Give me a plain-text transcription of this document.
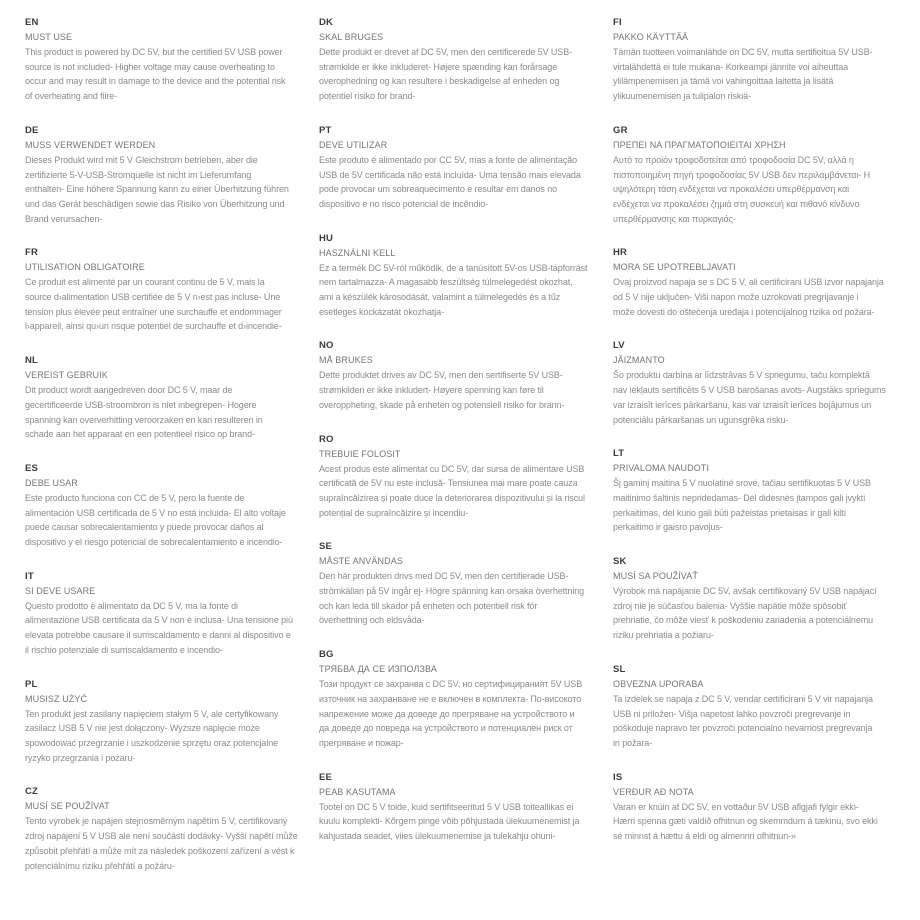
EN
MUST USE
This product is powered by DC 5V, but the certified 5V USB power
source is not included- Higher voltage may cause overheating to
occur and may result in damage to the device and the potential risk
of overheating and fiire-
DE
MUSS VERWENDET WERDEN
Dieses Produkt wird mit 5 V Gleichstrom betrieben, aber die
zertifizierte 5-V-USB-Stromquelle ist nicht im Lieferumfang
enthalten- Eine höhere Spannung kann zu einer Überhitzung führen
und das Gerät beschädigen sowie das Risiko von Überhitzung und
Brand verursachen-
FR
UTILISATION OBLIGATOIRE
Ce produit est alimenté par un courant continu de 5 V, mais la
source d›alimentation USB certifiée de 5 V n›est pas incluse- Une
tension plus élevée peut entraîner une surchauffe et endommager
l›appareil, ainsi qu›un risque potentiel de surchauffe et d›incendie-
NL
VEREIST GEBRUIK
Dit product wordt aangedreven door DC 5 V, maar de
gecertificeerde USB-stroombron is niet inbegrepen- Hogere
spanning kan oververhitting veroorzaken en kan resulteren in
schade aan het apparaat en een potentieel risico op brand-
ES
DEBE USAR
Este producto funciona con CC de 5 V, pero la fuente de
alimentación USB certificada de 5 V no está incluida- El alto voltaje
puede causar sobrecalentamiento y puede provocar daños al
dispositivo y el riesgo potencial de sobrecalentamiento e incendio-
IT
SI DEVE USARE
Questo prodotto è alimentato da DC 5 V, ma la fonte di
alimentazione USB certificata da 5 V non è inclusa- Una tensione più
elevata potrebbe causare il surriscaldamento e danni al dispositivo e
il rischio potenziale di surriscaldamento e incendio-
PL
MUSISZ UŻYĆ
Ten produkt jest zasilany napięciem stałym 5 V, ale certyfikowany
zasilacz USB 5 V nie jest dołączony- Wyższe napięcie może
spowodować przegrzanie i uszkodzenie sprzętu oraz potencjalne
ryzyko przegrzania i pożaru-
CZ
MUSÍ SE POUŽÍVAT
Tento výrobek je napájen stejnosměrným napětím 5 V, certifikovaný
zdroj napájení 5 V USB ale není součástí dodávky- Vyšší napětí může
způsobit přehřátí a může mít za následek poškození zařízení a vést k
potenciálnímu riziku přehřátí a požáru-
DK
SKAL BRUGES
Dette produkt er drevet af DC 5V, men den certificerede 5V USB-
strømkilde er ikke inkluderet- Højere spænding kan forårsage
overophedning og kan resultere i beskadigelse af enheden og
potentiel risiko for brand-
PT
DEVE UTILIZAR
Este produto é alimentado por CC 5V, mas a fonte de alimentação
USB de 5V certificada não está incluída- Uma tensão mais elevada
pode provocar um sobreaquecimento e resultar em danos no
dispositivo e no risco potencial de incêndio-
HU
HASZNÁLNI KELL
Ez a termék DC 5V-ról működik, de a tanúsított 5V-os USB-tápforrást
nem tartalmazza- A magasabb feszültség túlmelegedést okozhat,
ami a készülék károsodását, valamint a túlmelegedés és a tűz
esetleges kockázatát okozhatja-
NO
MÅ BRUKES
Dette produktet drives av DC 5V, men den sertifiserte 5V USB-
strømkilden er ikke inkludert- Høyere spenning kan føre til
overoppheting, skade på enheten og potensiell risiko for brann-
RO
TREBUIE FOLOSIT
Acest produs este alimentat cu DC 5V, dar sursa de alimentare USB
certificată de 5V nu este inclusă- Tensiunea mai mare poate cauza
supraîncălzirea și poate duce la deteriorarea dispozitivului și la riscul
potențial de supraîncălzire și incendiu-
SE
MÅSTE ANVÄNDAS
Den här produkten drivs med DC 5V, men den certifierade USB-
strömkällan på 5V ingår ej- Högre spänning kan orsaka överhettning
och kan leda till skador på enheten och potentiell risk för
överhettning och eldsvåda-
BG
ТРЯБВА ДА СЕ ИЗПОЛЗВА
Този продукт се захранва с DC 5V, но сертифицираният 5V USB
източник на захранване не е включен в комплекта- По-високото
напрежение може да доведе до прегряване на устройството и
да доведе до повреда на устройството и потенциален риск от
прегряване и пожар-
EE
PEAB KASUTAMA
Tootel on DC 5 V toide, kuid sertifitseeritud 5 V USB toiteallikas ei
kuulu komplekti- Kõrgem pinge võib põhjustada ülekuumenemist ja
kahjustada seadet, viies ülekuumenemise ja tulekahju ohuni-
FI
PAKKO KÄYTTÄÄ
Tämän tuotteen voimanlähde on DC 5V, mutta sertifioitua 5V USB-
virtalähdettä ei tule mukana- Korkeampi jännite voi aiheuttaa
ylilämpenemisen ja tämä voi vahingoittaa laitetta ja lisätä
ylikuumenemisen ja tulipalon riskiä-
GR
ΠΡΕΠΕΙ ΝΑ ΠΡΑΓΜΑΤΟΠΟΙΕΙΤΑΙ ΧΡΗΣΗ
Αυτό το προϊόν τροφοδοτείται από τροφοδοσία DC 5V, αλλά η
πιστοποιημένη πηγή τροφοδοσίας 5V USB δεν περιλαμβάνεται- Η
υψηλότερη τάση ενδέχεται να προκαλέσει υπερθέρμανση και
ενδέχεται να προκαλέσει ζημιά στη συσκευή και πιθανό κίνδυνο
υπερθέρμανσης και πυρκαγιάς-
HR
MORA SE UPOTREBLJAVATI
Ovaj proizvod napaja se s DC 5 V, ali certificirani USB izvor napajanja
od 5 V nije uključen- Viši napon može uzrokovati pregrijavanje i
može dovesti do oštećenja uređaja i potencijalnog rizika od požara-
LV
JĀIZMANTO
Šo produktu darbina ar līdzstrāvas 5 V spriegumu, taču komplektā
nav iekļauts sertificēts 5 V USB barošanas avots- Augstāks spriegums
var izraisīt ierīces pārkaršanu, kas var izraisīt ierīces bojājumus un
potenciālu pārkaršanas un ugunsgrēka risku-
LT
PRIVALOMA NAUDOTI
Šį gaminį maitina 5 V nuolatinė srovė, tačiau sertifikuotas 5 V USB
maitinimo šaltinis nepridedamas- Dėl didesnės įtampos gali įvykti
perkaitimas, dėl kurio gali būti pažeistas prietaisas ir gali kilti
perkaitimo ir gaisro pavojus-
SK
MUSÍ SA POUŽÍVAŤ
Výrobok má napájanie DC 5V, avšak certifikovaný 5V USB napájací
zdroj nie je súčasťou balenia- Vyššie napätie môže spôsobiť
prehriatie, čo môže viesť k poškodeniu zariadenia a potenciálnemu
riziku prehriatia a požiaru-
SL
OBVEZNA UPORABA
Ta izdelek se napaja z DC 5 V, vendar certificirani 5 V vir napajanja
USB ni priložen- Višja napetost lahko povzroči pregrevanje in
poškoduje napravo ter povzroči potencialno nevarnost pregrevanja
in požara-
IS
VERÐUR AÐ NOTA
Varan er knúin af DC 5V, en vottaður 5V USB aflgjafi fylgir ekki-
Hærri spenna gæti valdið ofhitnun og skemmdum á tækinu, svo ekki
sé minnst á hættu á eldi og almennri ofhitnun-»
